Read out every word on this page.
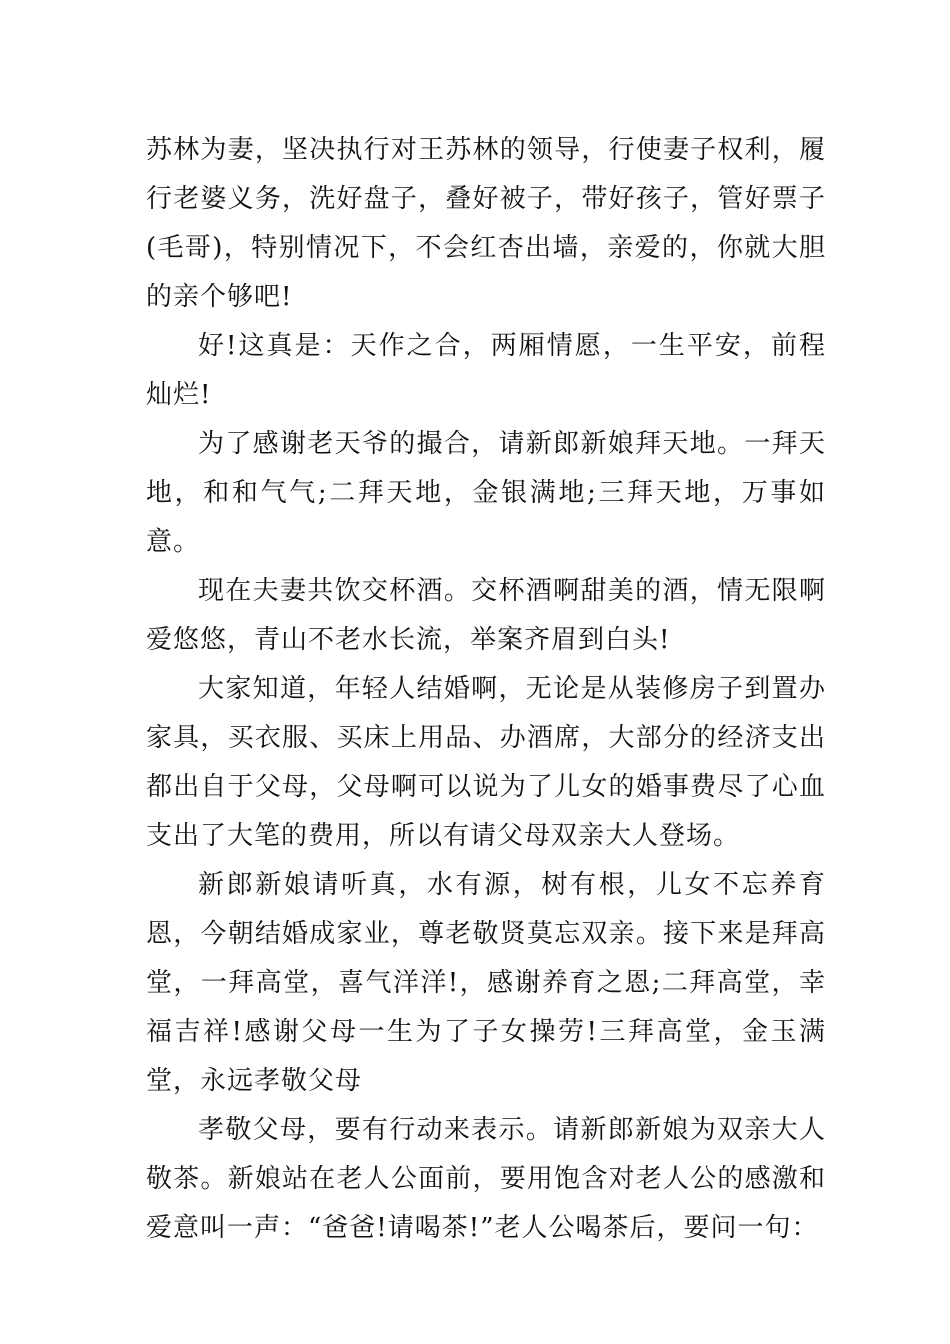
苏林为妻，坚决执行对王苏林的领导，行使妻子权利，履行老婆义务，洗好盘子，叠好被子，带好孩子，管好票子(毛哥)，特别情况下，不会红杏出墙，亲爱的，你就大胆的亲个够吧!

好!这真是：天作之合，两厢情愿，一生平安，前程灿烂!

为了感谢老天爷的撮合，请新郎新娘拜天地。一拜天地，和和气气;二拜天地，金银满地;三拜天地，万事如意。

现在夫妻共饮交杯酒。交杯酒啊甜美的酒，情无限啊爱悠悠，青山不老水长流，举案齐眉到白头!

大家知道，年轻人结婚啊，无论是从装修房子到置办家具，买衣服、买床上用品、办酒席，大部分的经济支出都出自于父母，父母啊可以说为了儿女的婚事费尽了心血支出了大笔的费用，所以有请父母双亲大人登场。

新郎新娘请听真，水有源，树有根，儿女不忘养育恩，今朝结婚成家业，尊老敬贤莫忘双亲。接下来是拜高堂，一拜高堂，喜气洋洋!，感谢养育之恩;二拜高堂，幸福吉祥!感谢父母一生为了子女操劳!三拜高堂，金玉满堂，永远孝敬父母

孝敬父母，要有行动来表示。请新郎新娘为双亲大人敬茶。新娘站在老人公面前，要用饱含对老人公的感激和爱意叫一声：“爸爸!请喝茶!”老人公喝茶后，要问一句：
